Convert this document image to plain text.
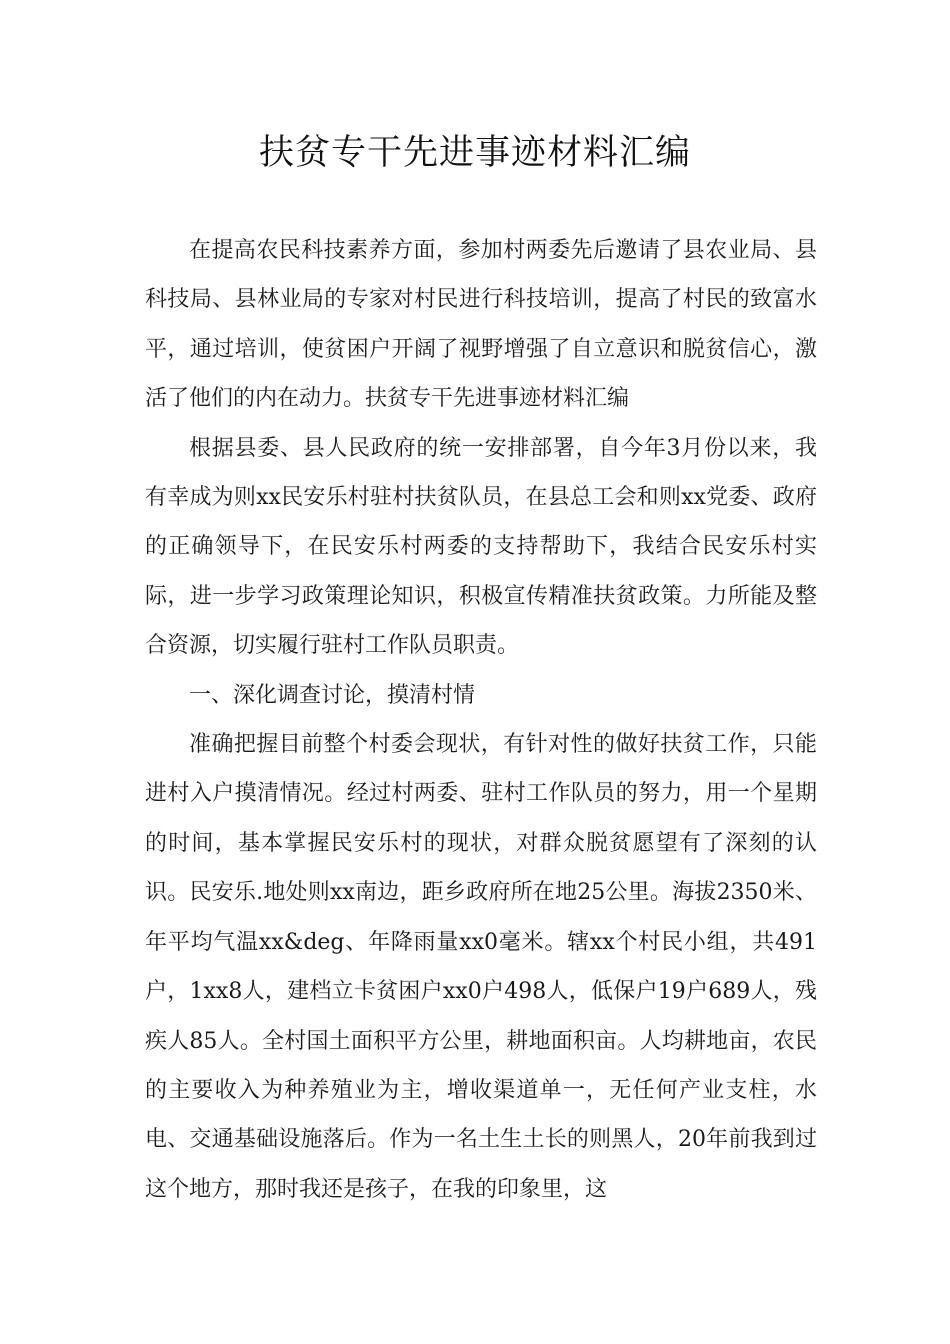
扶贫专干先进事迹材料汇编

在提高农民科技素养方面，参加村两委先后邀请了县农业局、县科技局、县林业局的专家对村民进行科技培训，提高了村民的致富水平，通过培训，使贫困户开阔了视野增强了自立意识和脱贫信心，激活了他们的内在动力。扶贫专干先进事迹材料汇编

根据县委、县人民政府的统一安排部署，自今年3月份以来，我有幸成为则xx民安乐村驻村扶贫队员，在县总工会和则xx党委、政府的正确领导下，在民安乐村两委的支持帮助下，我结合民安乐村实际，进一步学习政策理论知识，积极宣传精准扶贫政策。力所能及整合资源，切实履行驻村工作队员职责。

一、深化调查讨论，摸清村情

准确把握目前整个村委会现状，有针对性的做好扶贫工作，只能进村入户摸清情况。经过村两委、驻村工作队员的努力，用一个星期的时间，基本掌握民安乐村的现状，对群众脱贫愿望有了深刻的认识。民安乐.地处则xx南边，距乡政府所在地25公里。海拔2350米、年平均气温xx&deg、年降雨量xx0毫米。辖xx个村民小组，共491户，1xx8人，建档立卡贫困户xx0户498人，低保户19户689人，残疾人85人。全村国土面积平方公里，耕地面积亩。人均耕地亩，农民的主要收入为种养殖业为主，增收渠道单一，无任何产业支柱，水电、交通基础设施落后。作为一名土生土长的则黑人，20年前我到过这个地方，那时我还是孩子，在我的印象里，这
